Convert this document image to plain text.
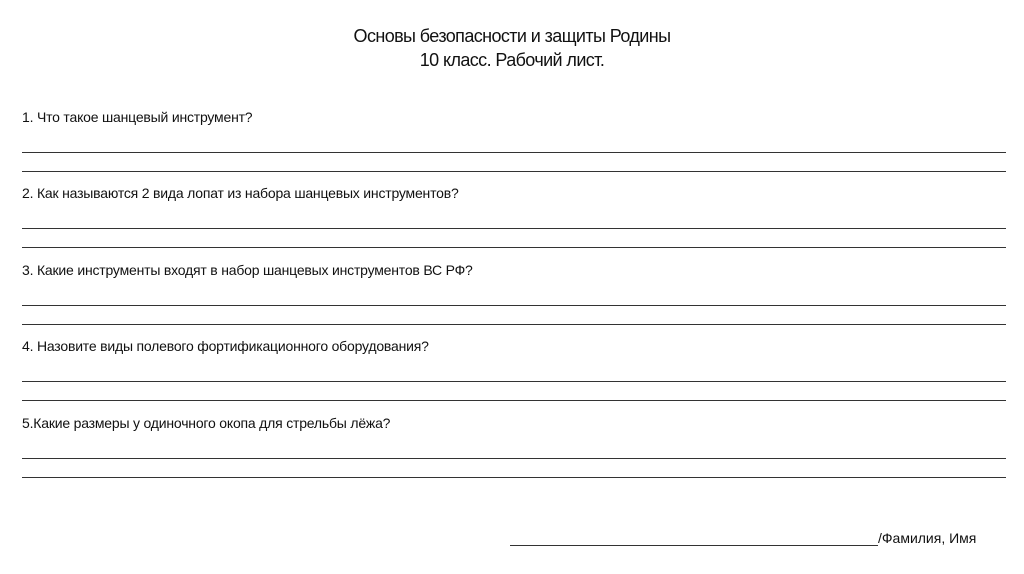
Основы безопасности и защиты Родины
10 класс. Рабочий лист.
1. Что такое шанцевый инструмент?
2. Как называются 2 вида лопат из набора шанцевых инструментов?
3. Какие инструменты входят в набор шанцевых инструментов ВС РФ?
4. Назовите виды полевого фортификационного оборудования?
5.Какие размеры у одиночного окопа для стрельбы лёжа?
/Фамилия, Имя
